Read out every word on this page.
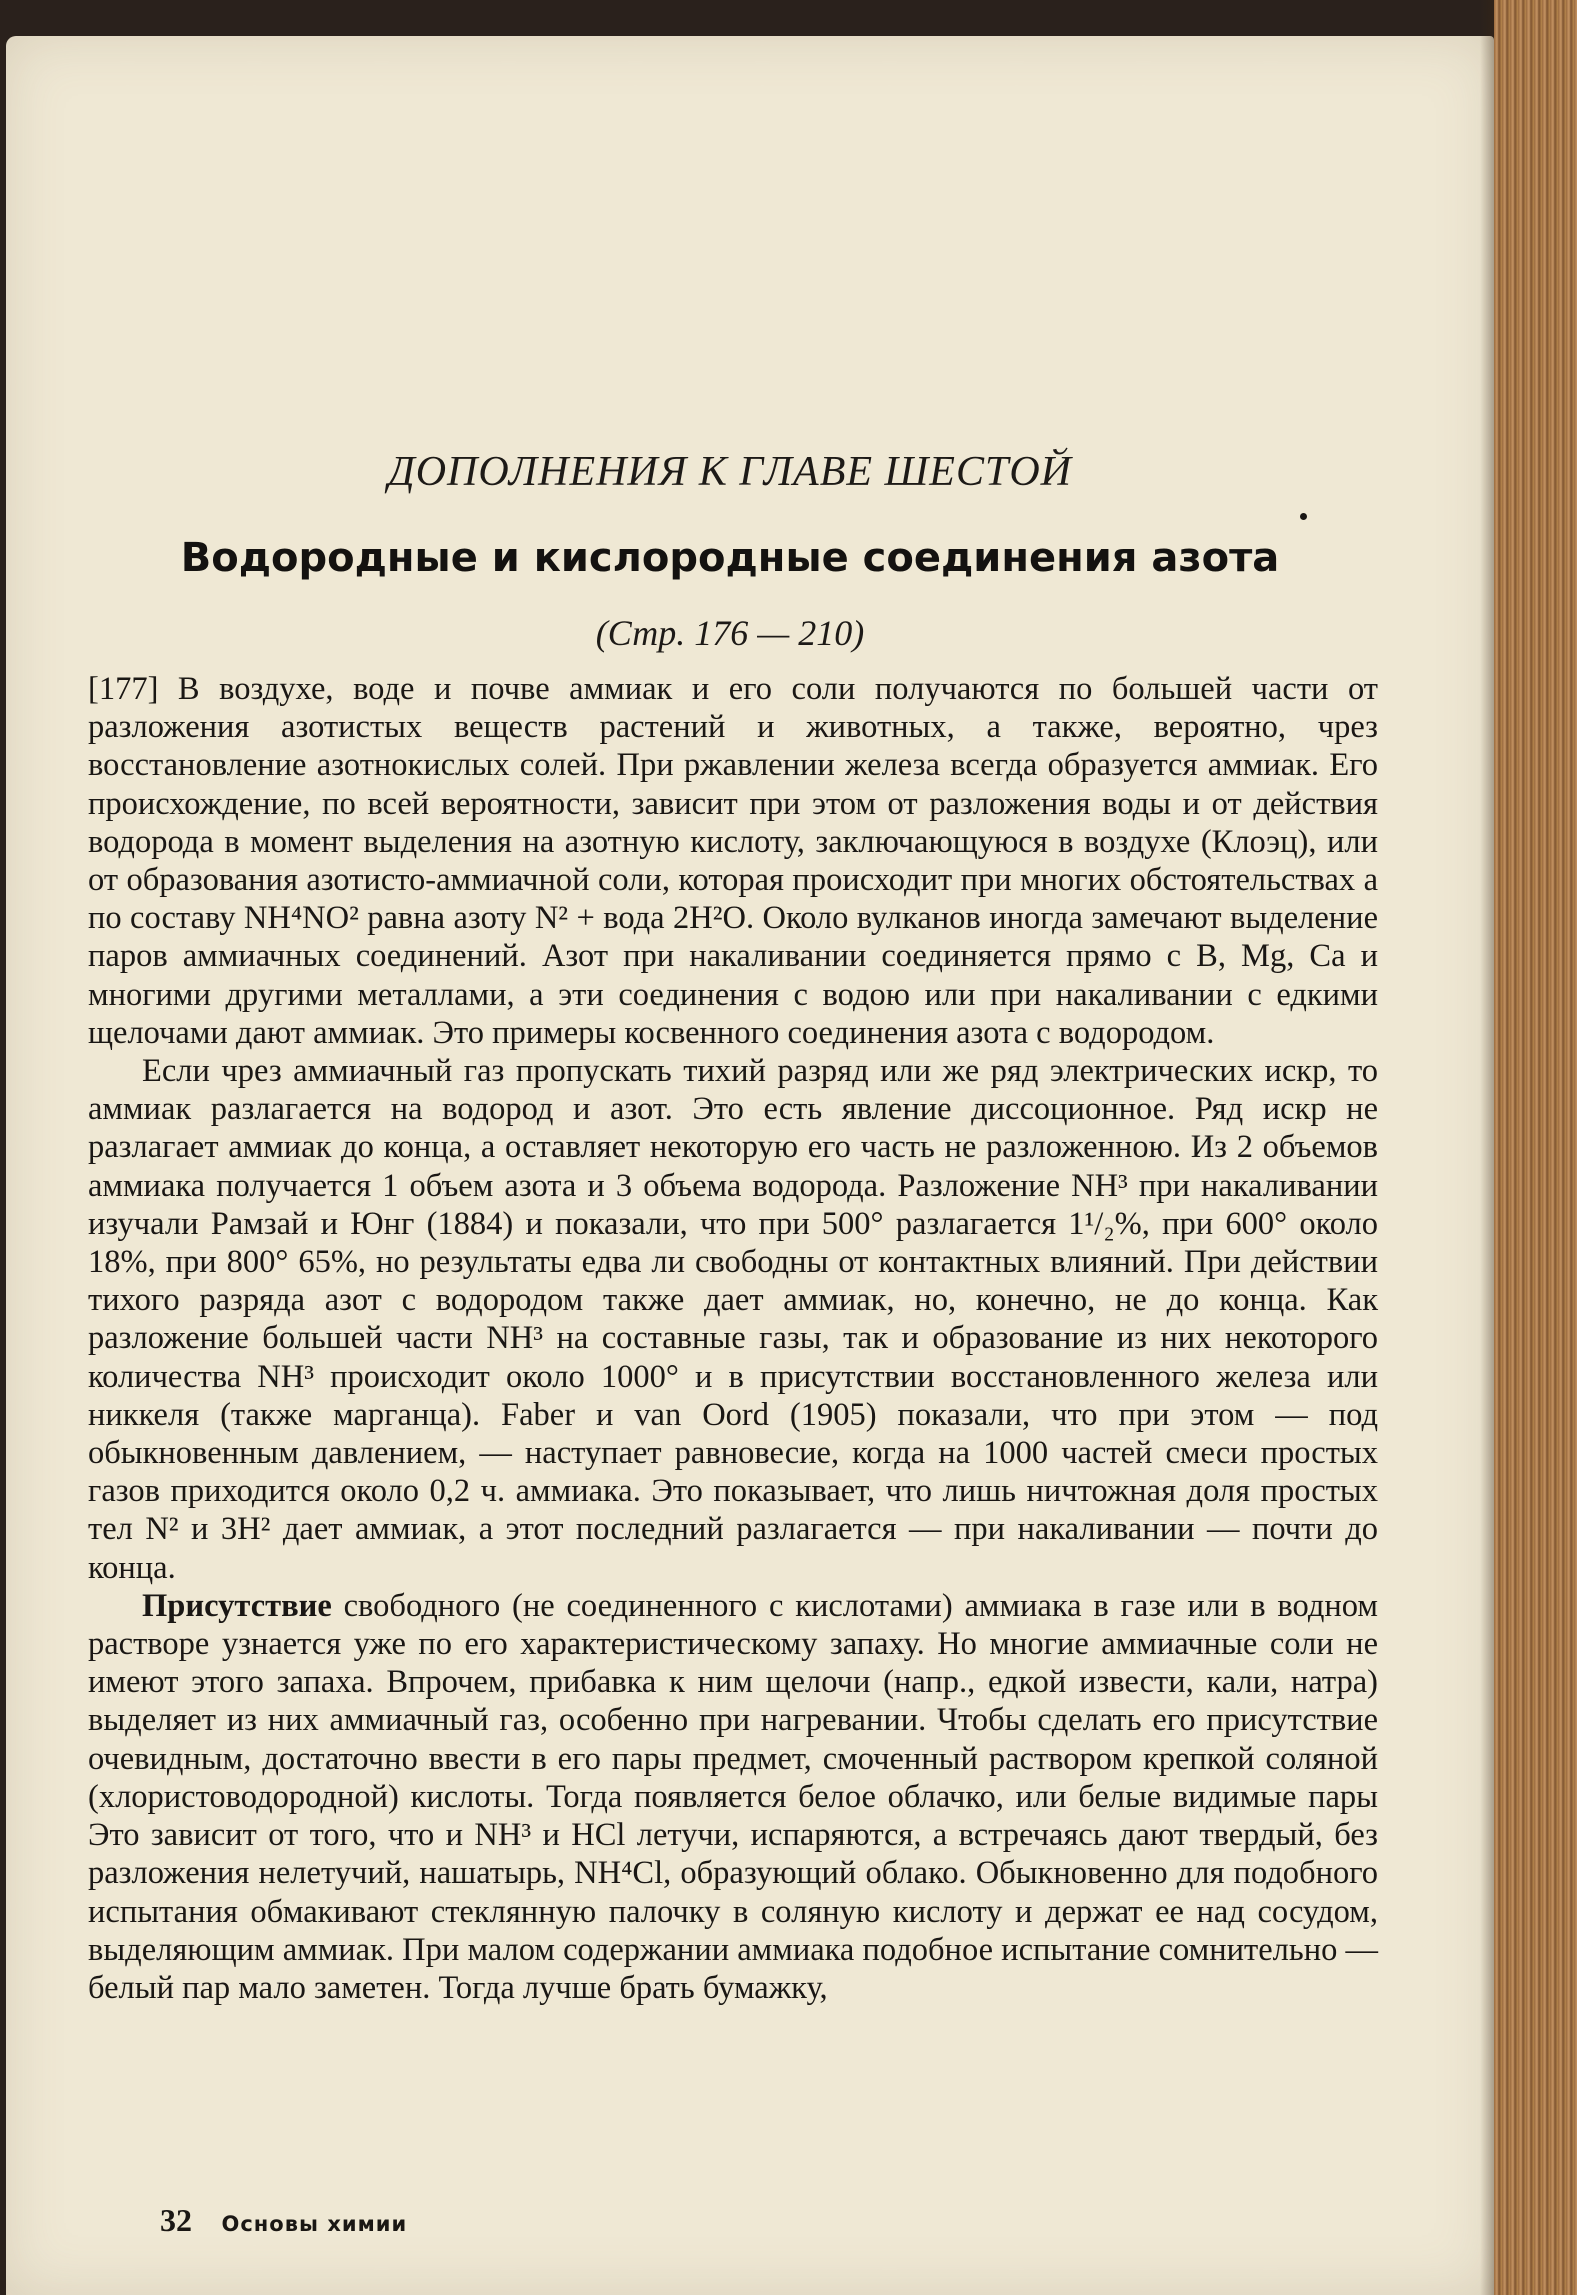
ДОПОЛНЕНИЯ К ГЛАВЕ ШЕСТОЙ
Водородные и кислородные соединения азота
(Стр. 176 — 210)

[177] В воздухе, воде и почве аммиак и его соли получаются по большей части от разложения азотистых веществ растений и животных, а также, вероятно, чрез восстановление азотнокислых солей. При ржавлении железа всегда образуется аммиак. Его происхождение, по всей вероятности, зависит при этом от разложения воды и от действия водорода в момент выделения на азотную кислоту, заключающуюся в воздухе (Клоэц), или от образования азотисто-аммиачной соли, которая происходит при многих обстоятельствах а по составу NH⁴NO² равна азоту N² + вода 2H²O. Около вулканов иногда замечают выделение паров аммиачных соединений. Азот при накаливании соединяется прямо с B, Mg, Ca и многими другими металлами, а эти соединения с водою или при накаливании с едкими щелочами дают аммиак. Это примеры косвенного соединения азота с водородом.

Если чрез аммиачный газ пропускать тихий разряд или же ряд электрических искр, то аммиак разлагается на водород и азот. Это есть явление диссоционное. Ряд искр не разлагает аммиак до конца, а оставляет некоторую его часть не разложенною. Из 2 объемов аммиака получается 1 объем азота и 3 объема водорода. Разложение NH³ при накаливании изучали Рамзай и Юнг (1884) и показали, что при 500° разлагается 1¹/₂%, при 600° около 18%, при 800° 65%, но результаты едва ли свободны от контактных влияний. При действии тихого разряда азот с водородом также дает аммиак, но, конечно, не до конца. Как разложение большей части NH³ на составные газы, так и образование из них некоторого количества NH³ происходит около 1000° и в присутствии восстановленного железа или никкеля (также марганца). Faber и van Oord (1905) показали, что при этом — под обыкновенным давлением, — наступает равновесие, когда на 1000 частей смеси простых газов приходится около 0,2 ч. аммиака. Это показывает, что лишь ничтожная доля простых тел N² и 3H² дает аммиак, а этот последний разлагается — при накаливании — почти до конца.

Присутствие свободного (не соединенного с кислотами) аммиака в газе или в водном растворе узнается уже по его характеристическому запаху. Но многие аммиачные соли не имеют этого запаха. Впрочем, прибавка к ним щелочи (напр., едкой извести, кали, натра) выделяет из них аммиачный газ, особенно при нагревании. Чтобы сделать его присутствие очевидным, достаточно ввести в его пары предмет, смоченный раствором крепкой соляной (хлористоводородной) кислоты. Тогда появляется белое облачко, или белые видимые пары Это зависит от того, что и NH³ и HCl летучи, испаряются, а встречаясь дают твердый, без разложения нелетучий, нашатырь, NH⁴Cl, образующий облако. Обыкновенно для подобного испытания обмакивают стеклянную палочку в соляную кислоту и держат ее над сосудом, выделяющим аммиак. При малом содержании аммиака подобное испытание сомнительно — белый пар мало заметен. Тогда лучше брать бумажку,

32 Основы химии
